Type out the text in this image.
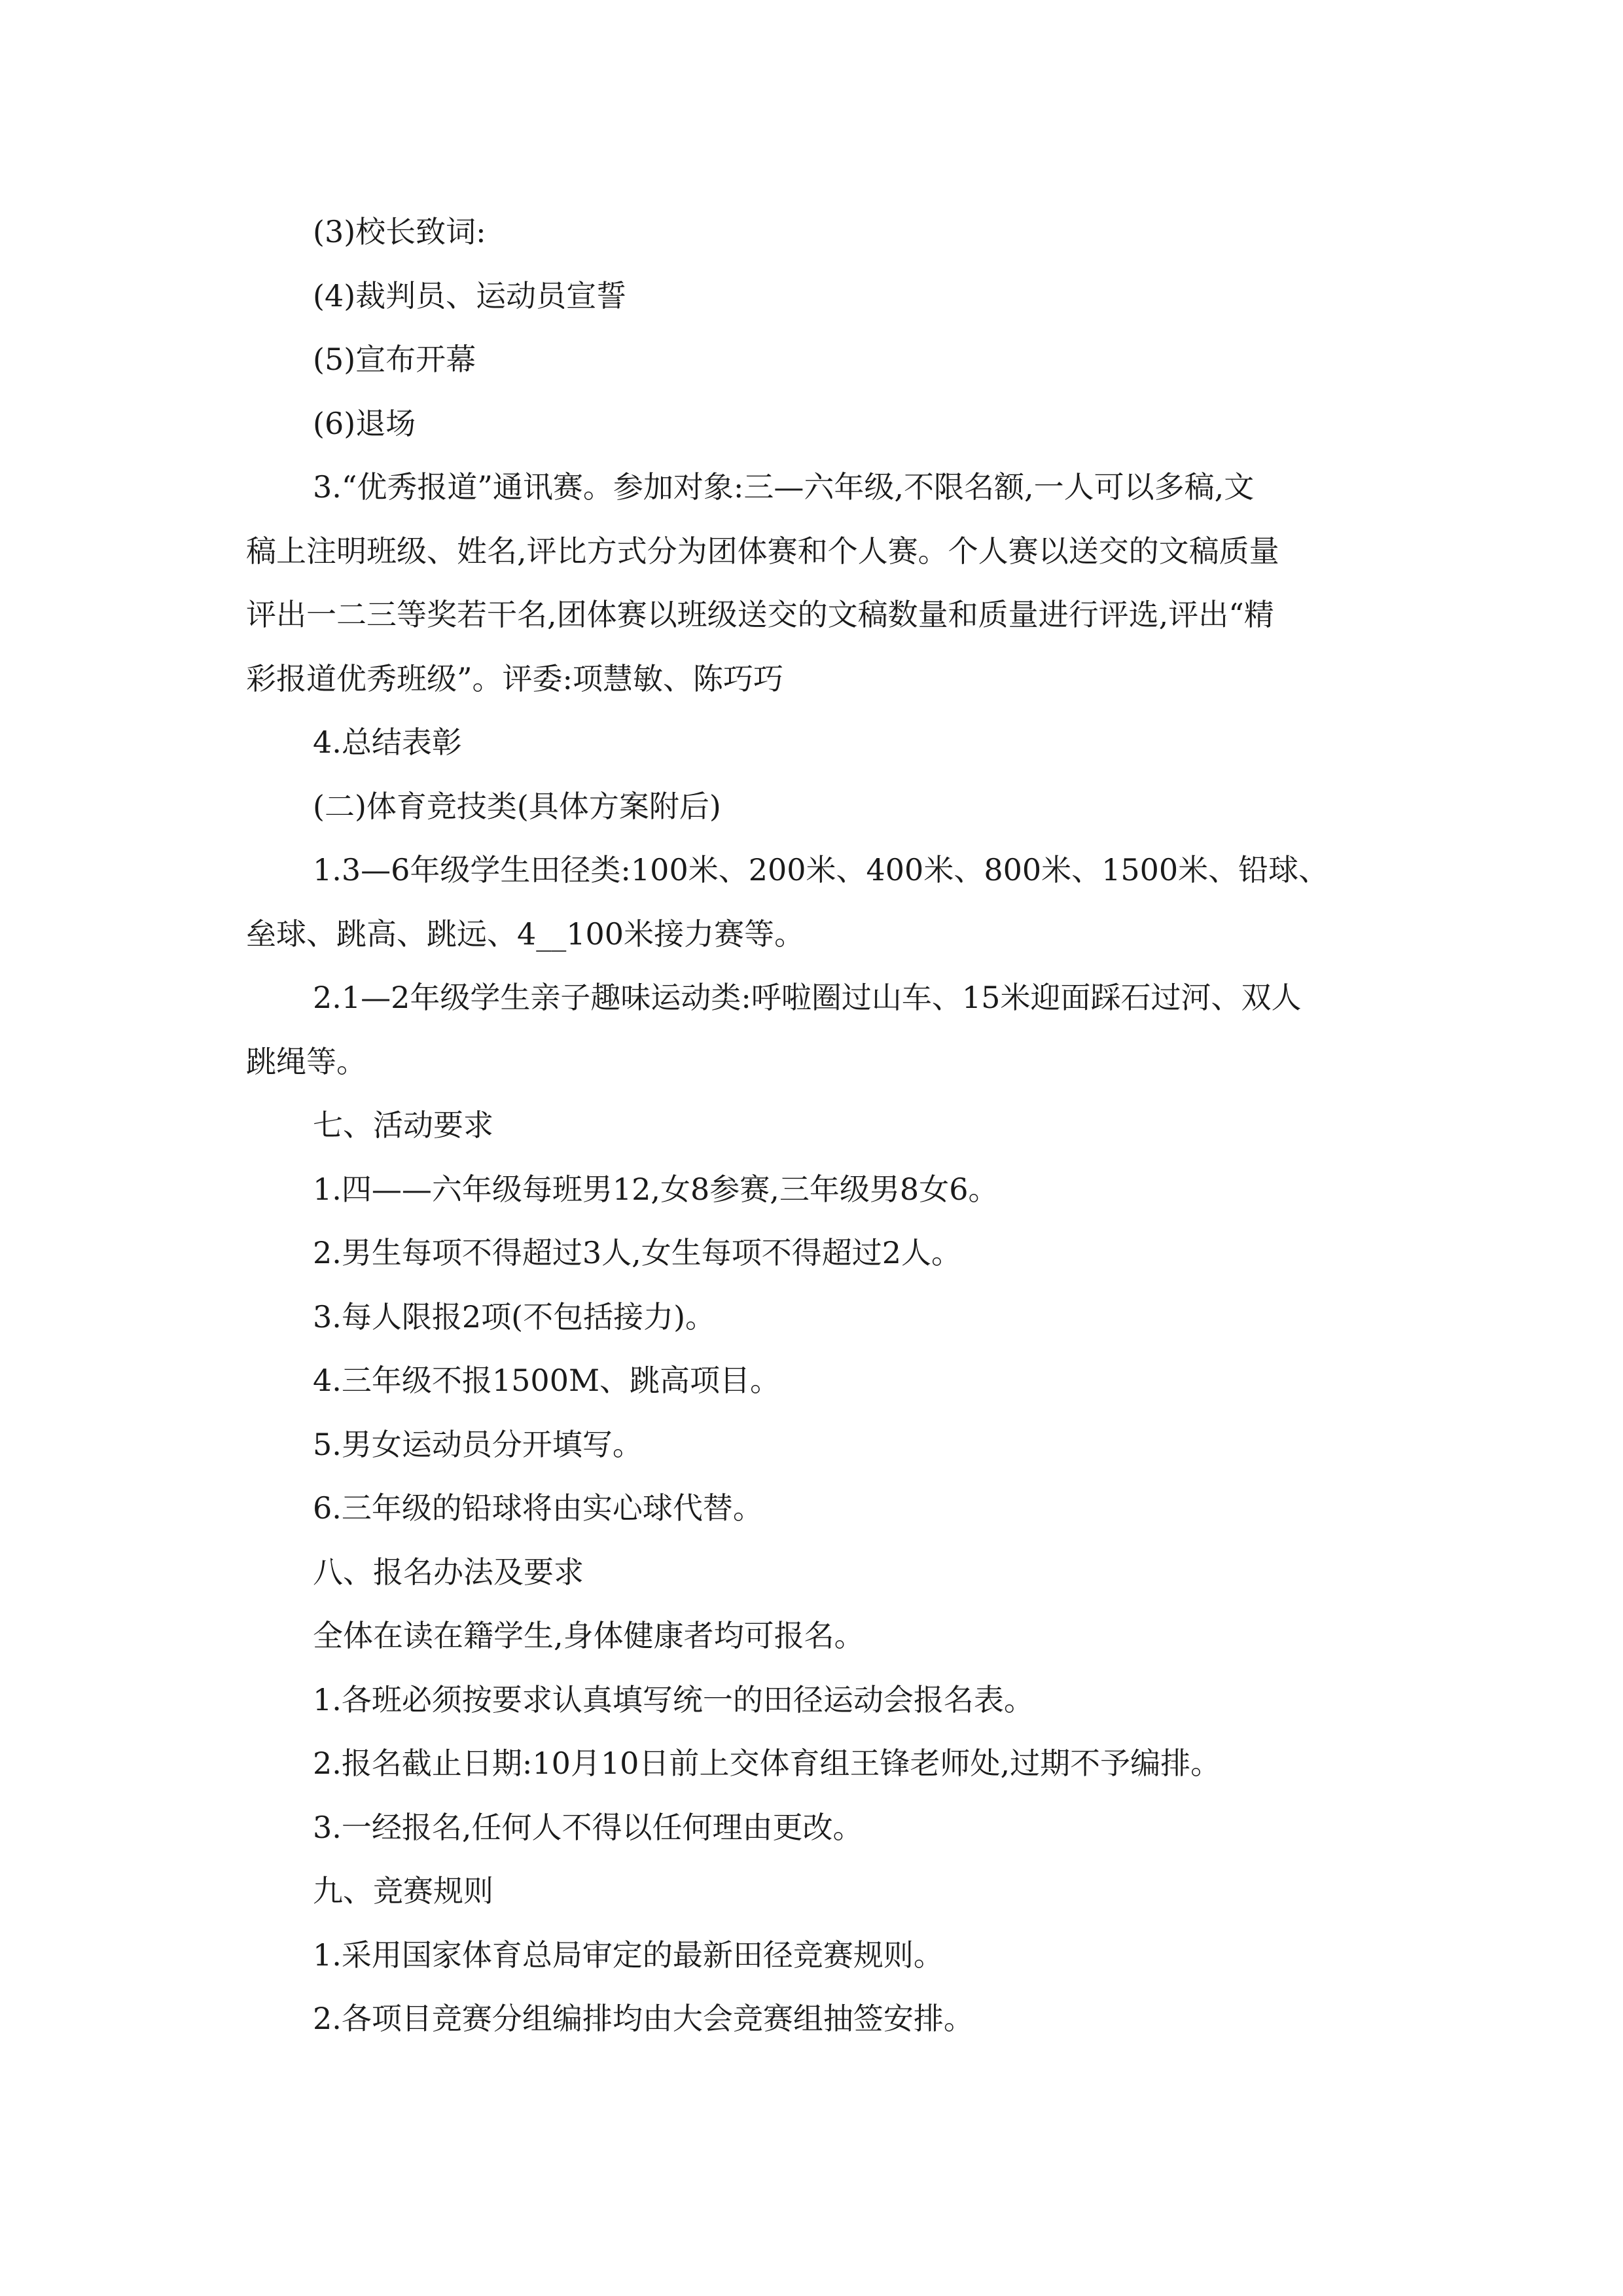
(3)校长致词:
(4)裁判员、运动员宣誓
(5)宣布开幕
(6)退场
3.“优秀报道”通讯赛。参加对象:三—六年级,不限名额,一人可以多稿,文
稿上注明班级、姓名,评比方式分为团体赛和个人赛。个人赛以送交的文稿质量
评出一二三等奖若干名,团体赛以班级送交的文稿数量和质量进行评选,评出“精
彩报道优秀班级”。评委:项慧敏、陈巧巧
4.总结表彰
(二)体育竞技类(具体方案附后)
1.3—6年级学生田径类:100米、200米、400米、800米、1500米、铅球、
垒球、跳高、跳远、4__100米接力赛等。
2.1—2年级学生亲子趣味运动类:呼啦圈过山车、15米迎面踩石过河、双人
跳绳等。
七、活动要求
1.四——六年级每班男12,女8参赛,三年级男8女6。
2.男生每项不得超过3人,女生每项不得超过2人。
3.每人限报2项(不包括接力)。
4.三年级不报1500M、跳高项目。
5.男女运动员分开填写。
6.三年级的铅球将由实心球代替。
八、报名办法及要求
全体在读在籍学生,身体健康者均可报名。
1.各班必须按要求认真填写统一的田径运动会报名表。
2.报名截止日期:10月10日前上交体育组王锋老师处,过期不予编排。
3.一经报名,任何人不得以任何理由更改。
九、竞赛规则
1.采用国家体育总局审定的最新田径竞赛规则。
2.各项目竞赛分组编排均由大会竞赛组抽签安排。
